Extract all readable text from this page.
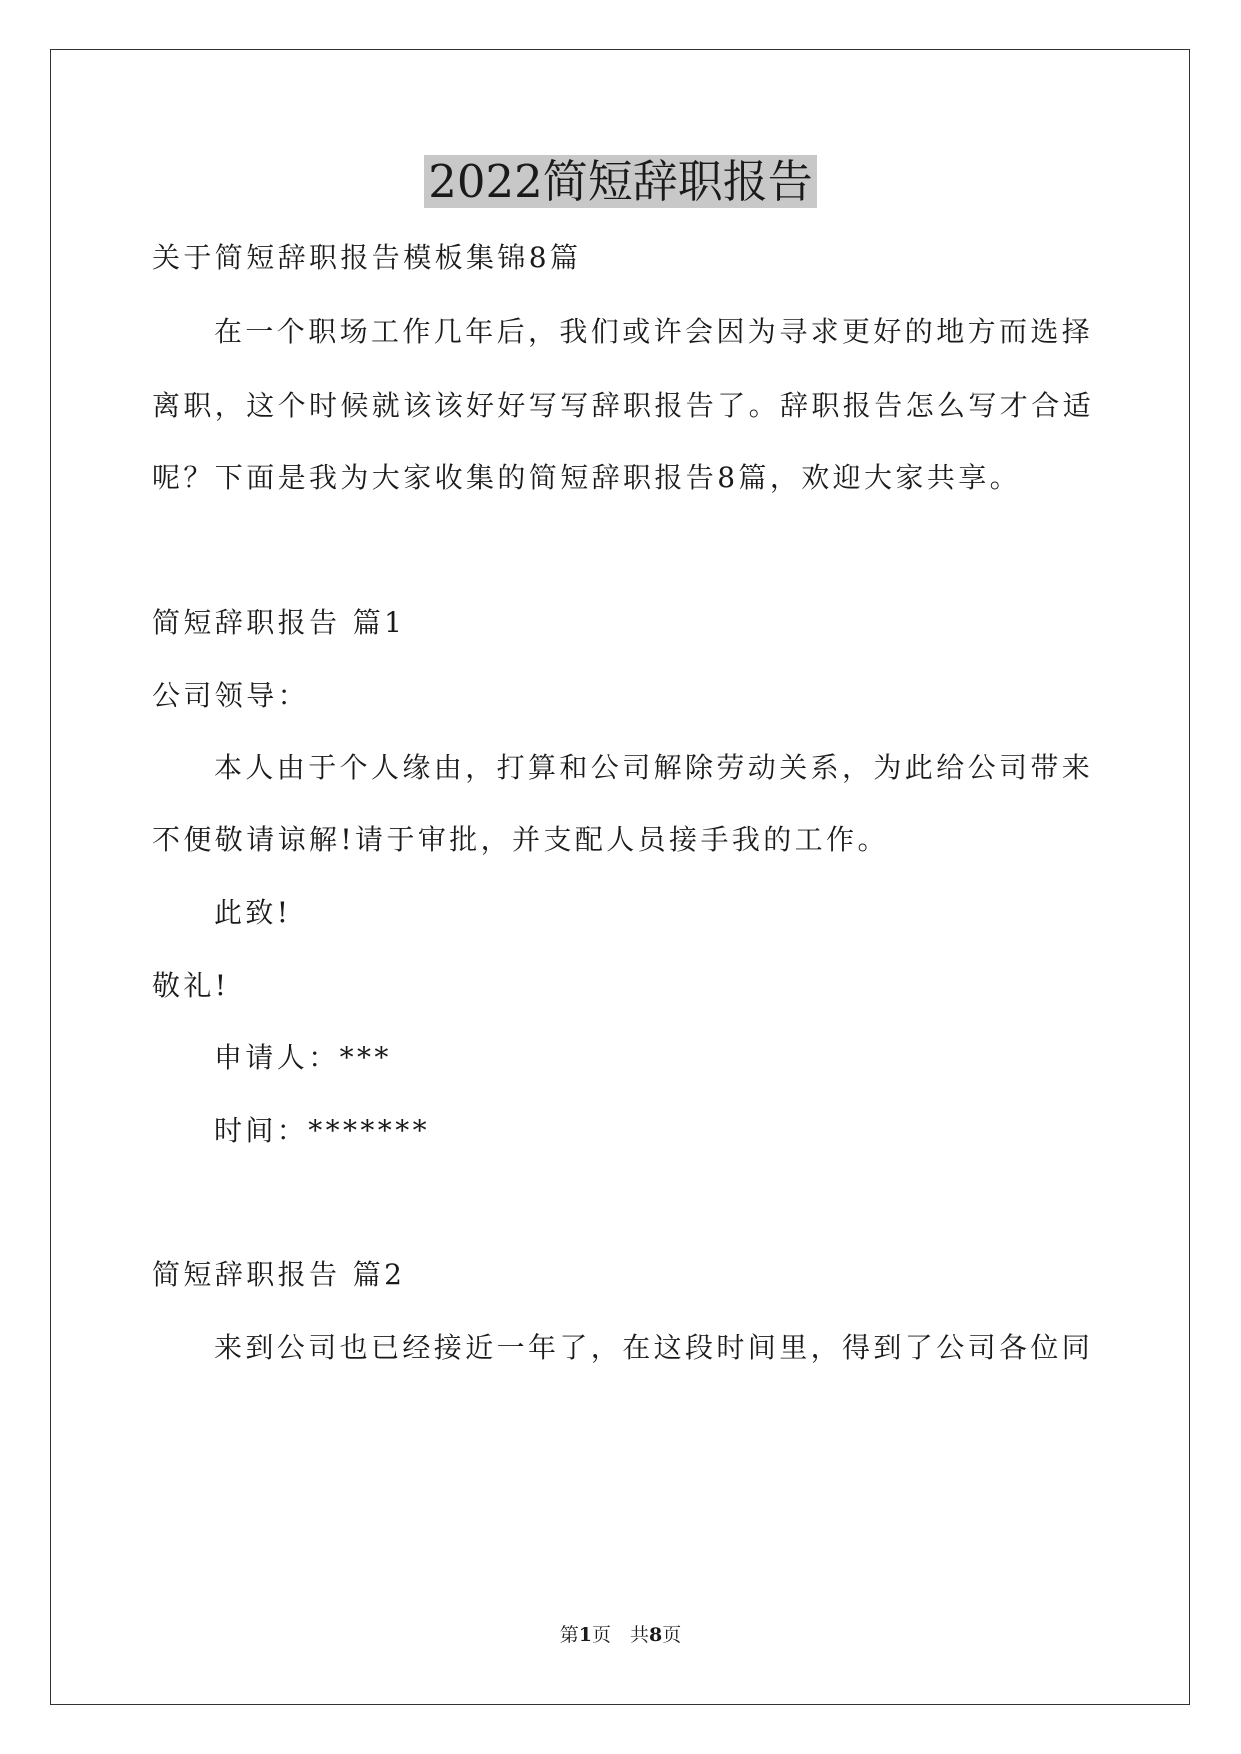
2022简短辞职报告

关于简短辞职报告模板集锦8篇

在一个职场工作几年后，我们或许会因为寻求更好的地方而选择

离职，这个时候就该该好好写写辞职报告了。辞职报告怎么写才合适

呢？下面是我为大家收集的简短辞职报告8篇，欢迎大家共享。

简短辞职报告 篇1

公司领导：

本人由于个人缘由，打算和公司解除劳动关系，为此给公司带来

不便敬请谅解!请于审批，并支配人员接手我的工作。

此致!

敬礼!

申请人：***

时间：*******

简短辞职报告 篇2

来到公司也已经接近一年了，在这段时间里，得到了公司各位同

第1页　共8页
